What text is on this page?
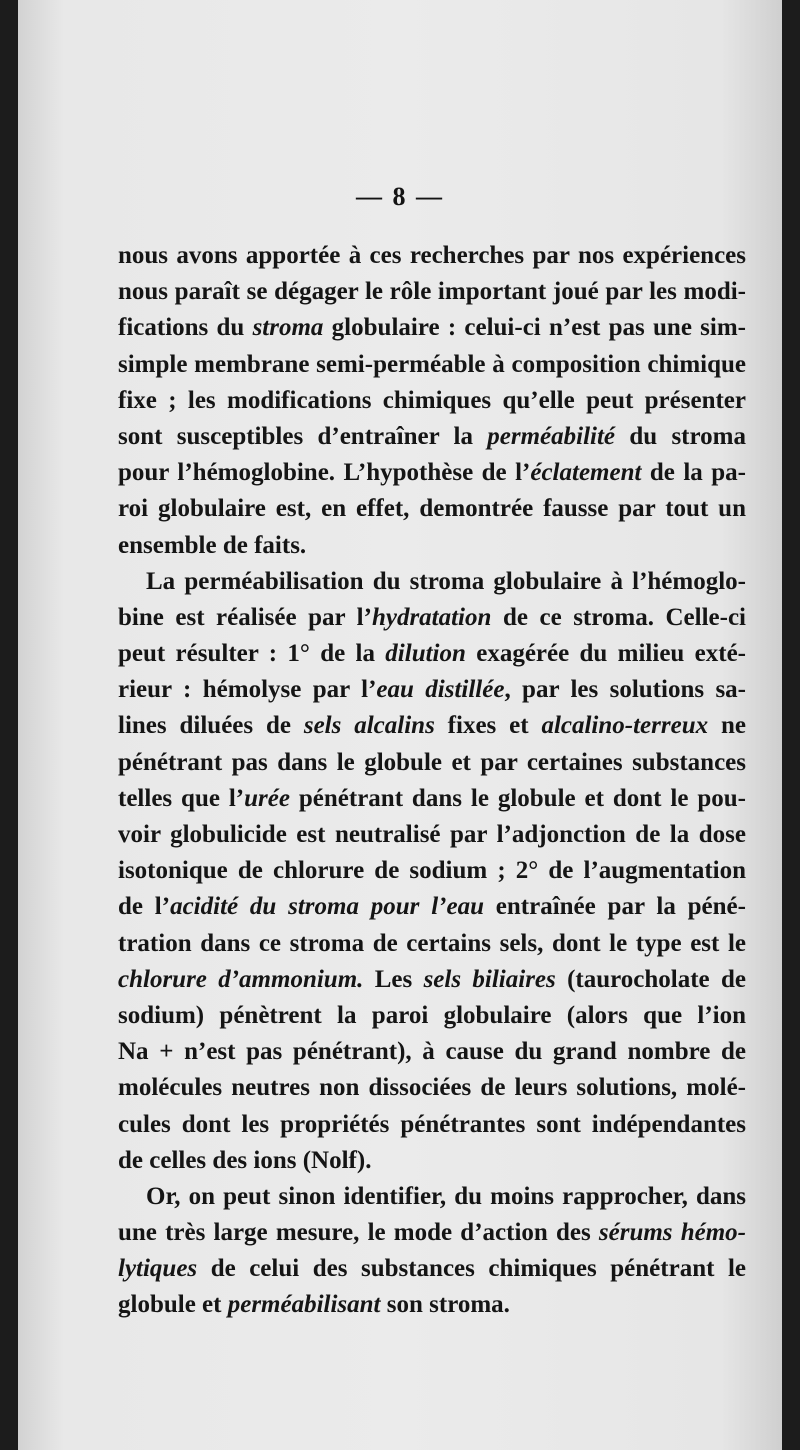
— 8 —
nous avons apportée à ces recherches par nos expériences
nous paraît se dégager le rôle important joué par les modi-
fications du stroma globulaire : celui-ci n’est pas une sim-
simple membrane semi-perméable à composition chimique
fixe ; les modifications chimiques qu’elle peut présenter
sont susceptibles d’entraîner la perméabilité du stroma
pour l’hémoglobine. L’hypothèse de l’éclatement de la pa-
roi globulaire est, en effet, demontrée fausse par tout un
ensemble de faits.
La perméabilisation du stroma globulaire à l’hémoglo-
bine est réalisée par l’hydratation de ce stroma. Celle-ci
peut résulter : 1° de la dilution exagérée du milieu exté-
rieur : hémolyse par l’eau distillée, par les solutions sa-
lines diluées de sels alcalins fixes et alcalino-terreux ne
pénétrant pas dans le globule et par certaines substances
telles que l’urée pénétrant dans le globule et dont le pou-
voir globulicide est neutralisé par l’adjonction de la dose
isotonique de chlorure de sodium ; 2° de l’augmentation
de l’acidité du stroma pour l’eau entraînée par la péné-
tration dans ce stroma de certains sels, dont le type est le
chlorure d’ammonium. Les sels biliaires (taurocholate de
sodium) pénètrent la paroi globulaire (alors que l’ion
Na + n’est pas pénétrant), à cause du grand nombre de
molécules neutres non dissociées de leurs solutions, molé-
cules dont les propriétés pénétrantes sont indépendantes
de celles des ions (Nolf).
Or, on peut sinon identifier, du moins rapprocher, dans
une très large mesure, le mode d’action des sérums hémo-
lytiques de celui des substances chimiques pénétrant le
globule et perméabilisant son stroma.
